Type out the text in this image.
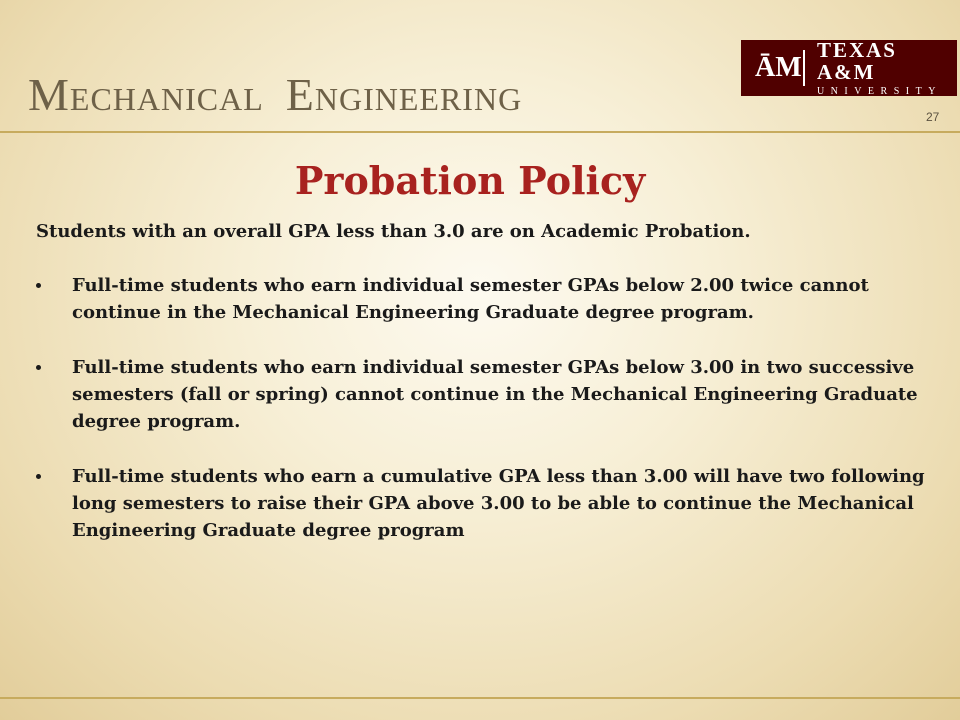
Mechanical Engineering
ĀM
TEXAS A&M
UNIVERSITY
27
Probation Policy
Students with an overall GPA less than 3.0 are on Academic Probation.
Full-time students who earn individual semester GPAs below 2.00 twice cannot continue in the Mechanical Engineering Graduate degree program.
Full-time students who earn individual semester GPAs below 3.00 in two successive semesters (fall or spring) cannot continue in the Mechanical Engineering Graduate degree program.
Full-time students who earn a cumulative GPA less than 3.00 will have two following long semesters to raise their GPA above 3.00 to be able to continue the Mechanical Engineering Graduate degree program
